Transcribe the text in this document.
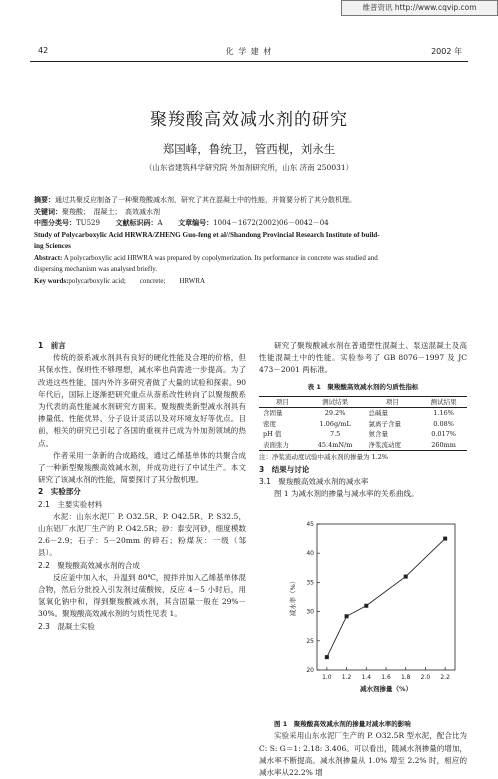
维普资讯 http://www.cqvip.com
42	化 学 建 材	2002 年
聚羧酸高效减水剂的研究
郑国峰，鲁统卫，管西枧，刘永生
（山东省建筑科学研究院 外加剂研究所，山东 济南 250031）

摘要：通过共聚反应制备了一种聚羧酸减水剂，研究了其在混凝土中的性能，并简要分析了其分散机理。

关键词：聚羧酸；　混凝土；　高效减水剂

中图分类号：TU529 文献标识码：A 文章编号：1004－1672(2002)06－0042－04

Study of Polycarboxylic Acid HRWRA/ZHENG Guo-feng et al//Shandong Provincial Research Institute of build-

ing Sciences

Abstract: A polycarboxylic acid HRWRA was prepared by copolymerization. Its performance in concrete was studied and

dispersing mechanism was analysed briefly.

Key words:polycarboxylic acid;　　concrete;　　HRWRA

1　前言

传统的萘系减水剂具有良好的硬化性能及合理的价格，但其保水性、保坍性不够理想，减水率也尚需进一步提高。为了改进这些性能，国内外许多研究者做了大量的试验和探索。90 年代后，国际上逐渐把研究重点从萘系改性转向了以聚羧酸系为代表的高性能减水剂研究方面来。聚羧酸类新型减水剂具有掺量低、性能优异、分子设计灵活以及对环境友好等优点。目前，相关的研究已引起了各国的重视并已成为外加剂领域的热点。

作者采用一条新的合成路线，通过乙烯基单体的共聚合成了一种新型聚羧酸高效减水剂，并成功进行了中试生产。本文研究了该减水剂的性能，简要探讨了其分散机理。

2　实验部分

2.1　主要实验材料

水泥：山东水泥厂 P. O32.5R、P. O42.5R、P. S32.5，山东铝厂水泥厂生产的 P. O42.5R；砂：泰安河砂，细度模数 2.6－2.9；石子：5－20mm 的碎石；粉煤灰：一级（邹县）。

2.2　聚羧酸高效减水剂的合成

反应釜中加入水，升温到 80℃，搅拌并加入乙烯基单体混合物，然后分批投入引发剂过硫酸铵，反应 4－5 小时后，用氢氧化钠中和，得到聚羧酸减水剂，其含固量一般在 29%－30%。聚羧酸高效减水剂的匀质性见表 1。

2.3　混凝土实验

研究了聚羧酸减水剂在普通塑性混凝土、泵送混凝土及高性能混凝土中的性能。实验参考了 GB 8076－1997 及 JC 473－2001 两标准。

表 1　聚羧酸高效减水剂的匀质性指标
项目	测试结果	项目	测试结果
含固量	29.2%	总碱量	1.16%
密度	1.06g/mL	氯离子含量	0.08%
pH 值	7.5	氨含量	0.017%
表面张力	45.4mN/m	净浆流动度	260mm

注：净浆流动度试验中减水剂的掺量为 1.2%

3　结果与讨论

3.1　聚羧酸高效减水剂的减水率

图 1 为减水剂的掺量与减水率的关系曲线。

1.0 1.2 1.4 1.6 1.8 2.0 2.2
20
25
30
35
40
45
减水剂掺量（%）
减水率（%）

图 1　聚羧酸高效减水剂的掺量对减水率的影响

实验采用山东水泥厂生产的 P. O32.5R 型水泥，配合比为 C: S: G＝1: 2.18: 3.406。可以看出，随减水剂掺量的增加，减水率不断提高。减水剂掺量从 1.0% 增至 2.2% 时，相应的减水率从22.2% 增
